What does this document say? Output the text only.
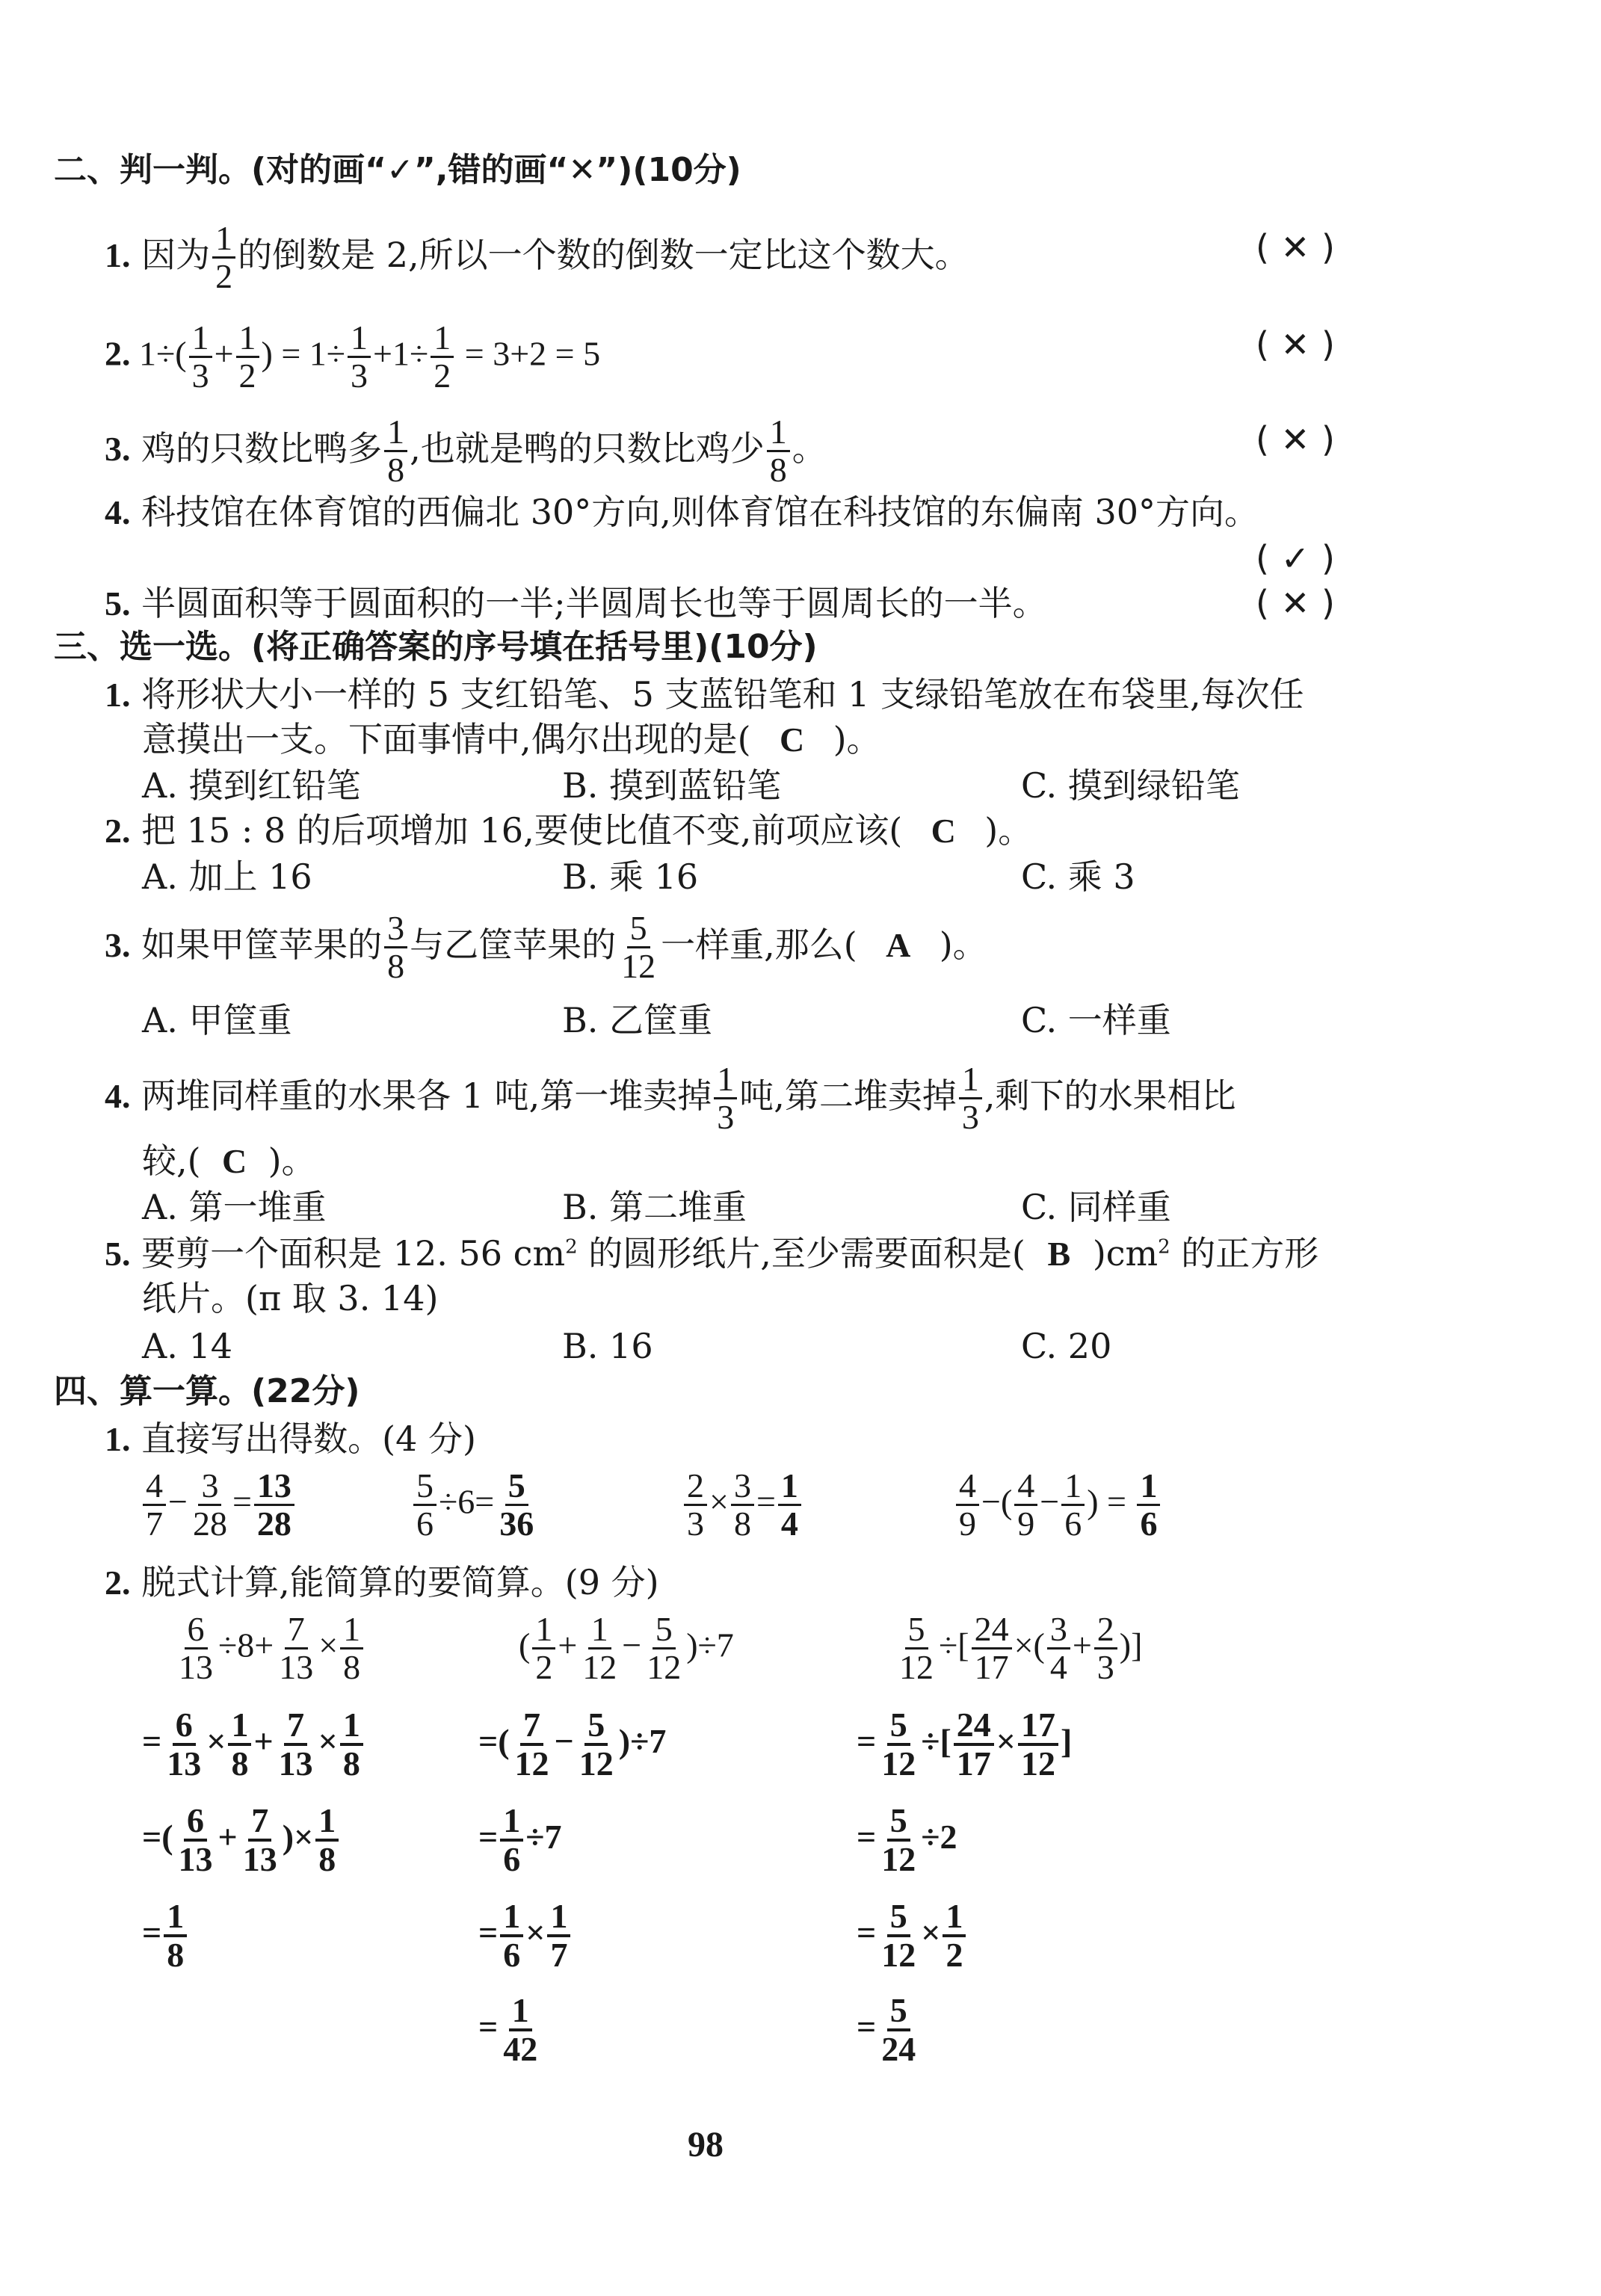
二、判一判。(对的画“✓”,错的画“✕”)(10分)
1. 因为 $\frac{1}{2}$ 的倒数是 2,所以一个数的倒数一定比这个数大。	( ✕ )
2. $1\div( \frac{1}{3} + \frac{1}{2}$ ) = $1\div \frac{1}{3} +1\div \frac{1}{2} = 3+2 = 5$	( ✕ )
3. 鸡的只数比鸭多 $\frac{1}{8}$ ,也就是鸭的只数比鸡少 $\frac{1}{8}$ 。	( ✕ )
4. 科技馆在体育馆的西偏北 30°方向,则体育馆在科技馆的东偏南 30°方向。
( ✓ )
5. 半圆面积等于圆面积的一半;半圆周长也等于圆周长的一半。	( ✕ )
三、选一选。(将正确答案的序号填在括号里)(10分)
1. 将形状大小一样的 5 支红铅笔、5 支蓝铅笔和 1 支绿铅笔放在布袋里,每次任
意摸出一支。下面事情中,偶尔出现的是( C )。
A. 摸到红铅笔	B. 摸到蓝铅笔	C. 摸到绿铅笔
2. 把 15 : 8 的后项增加 16,要使比值不变,前项应该( C )。
A. 加上 16	B. 乘 16	C. 乘 3
3. 如果甲筐苹果的 $\frac{3}{8}$ 与乙筐苹果的 $\frac{5}{12}$ 一样重,那么( A )。
A. 甲筐重	B. 乙筐重	C. 一样重
4. 两堆同样重的水果各 1 吨,第一堆卖掉 $\frac{1}{3}$ 吨,第二堆卖掉 $\frac{1}{3}$ ,剩下的水果相比
较,( C )。
A. 第一堆重	B. 第二堆重	C. 同样重
5. 要剪一个面积是 12. 56 $cm^2$ 的圆形纸片,至少需要面积是( B )$cm^2$ 的正方形
纸片。(π 取 3. 14)
A. 14	B. 16	C. 20
四、算一算。(22分)
1. 直接写出得数。(4 分)
$\frac{4}{7} - \frac{3}{28} = \frac{13}{28}$	$\frac{5}{6} \div 6= \frac{5}{36}$	$\frac{2}{3} \times \frac{3}{8} = \frac{1}{4}$	$\frac{4}{9}$ −( $\frac{4}{9} - \frac{1}{6}$ ) = $\frac{1}{6}$
2. 脱式计算,能简算的要简算。(9 分)
$\frac{6}{13} \div 8+ \frac{7}{13} \times \frac{1}{8}$
= $\frac{6}{13} \times \frac{1}{8} + \frac{7}{13} \times \frac{1}{8}$
=( $\frac{6}{13} + \frac{7}{13}$ )× $\frac{1}{8}$
= $\frac{1}{8}$
( $\frac{1}{2} + \frac{1}{12} - \frac{5}{12} )\div 7$
=( $\frac{7}{12} - \frac{5}{12} )\div 7$
= $\frac{1}{6} \div 7$
= $\frac{1}{6} \times \frac{1}{7}$
= $\frac{1}{42}$
$\frac{5}{12}$ ÷[ $\frac{24}{17}$ ×( $\frac{3}{4} + \frac{2}{3}$ )]
= $\frac{5}{12}$ ÷[ $\frac{24}{17} \times \frac{17}{12}$ ]
= $\frac{5}{12} \div 2$
= $\frac{5}{12} \times \frac{1}{2}$
= $\frac{5}{24}$
98
